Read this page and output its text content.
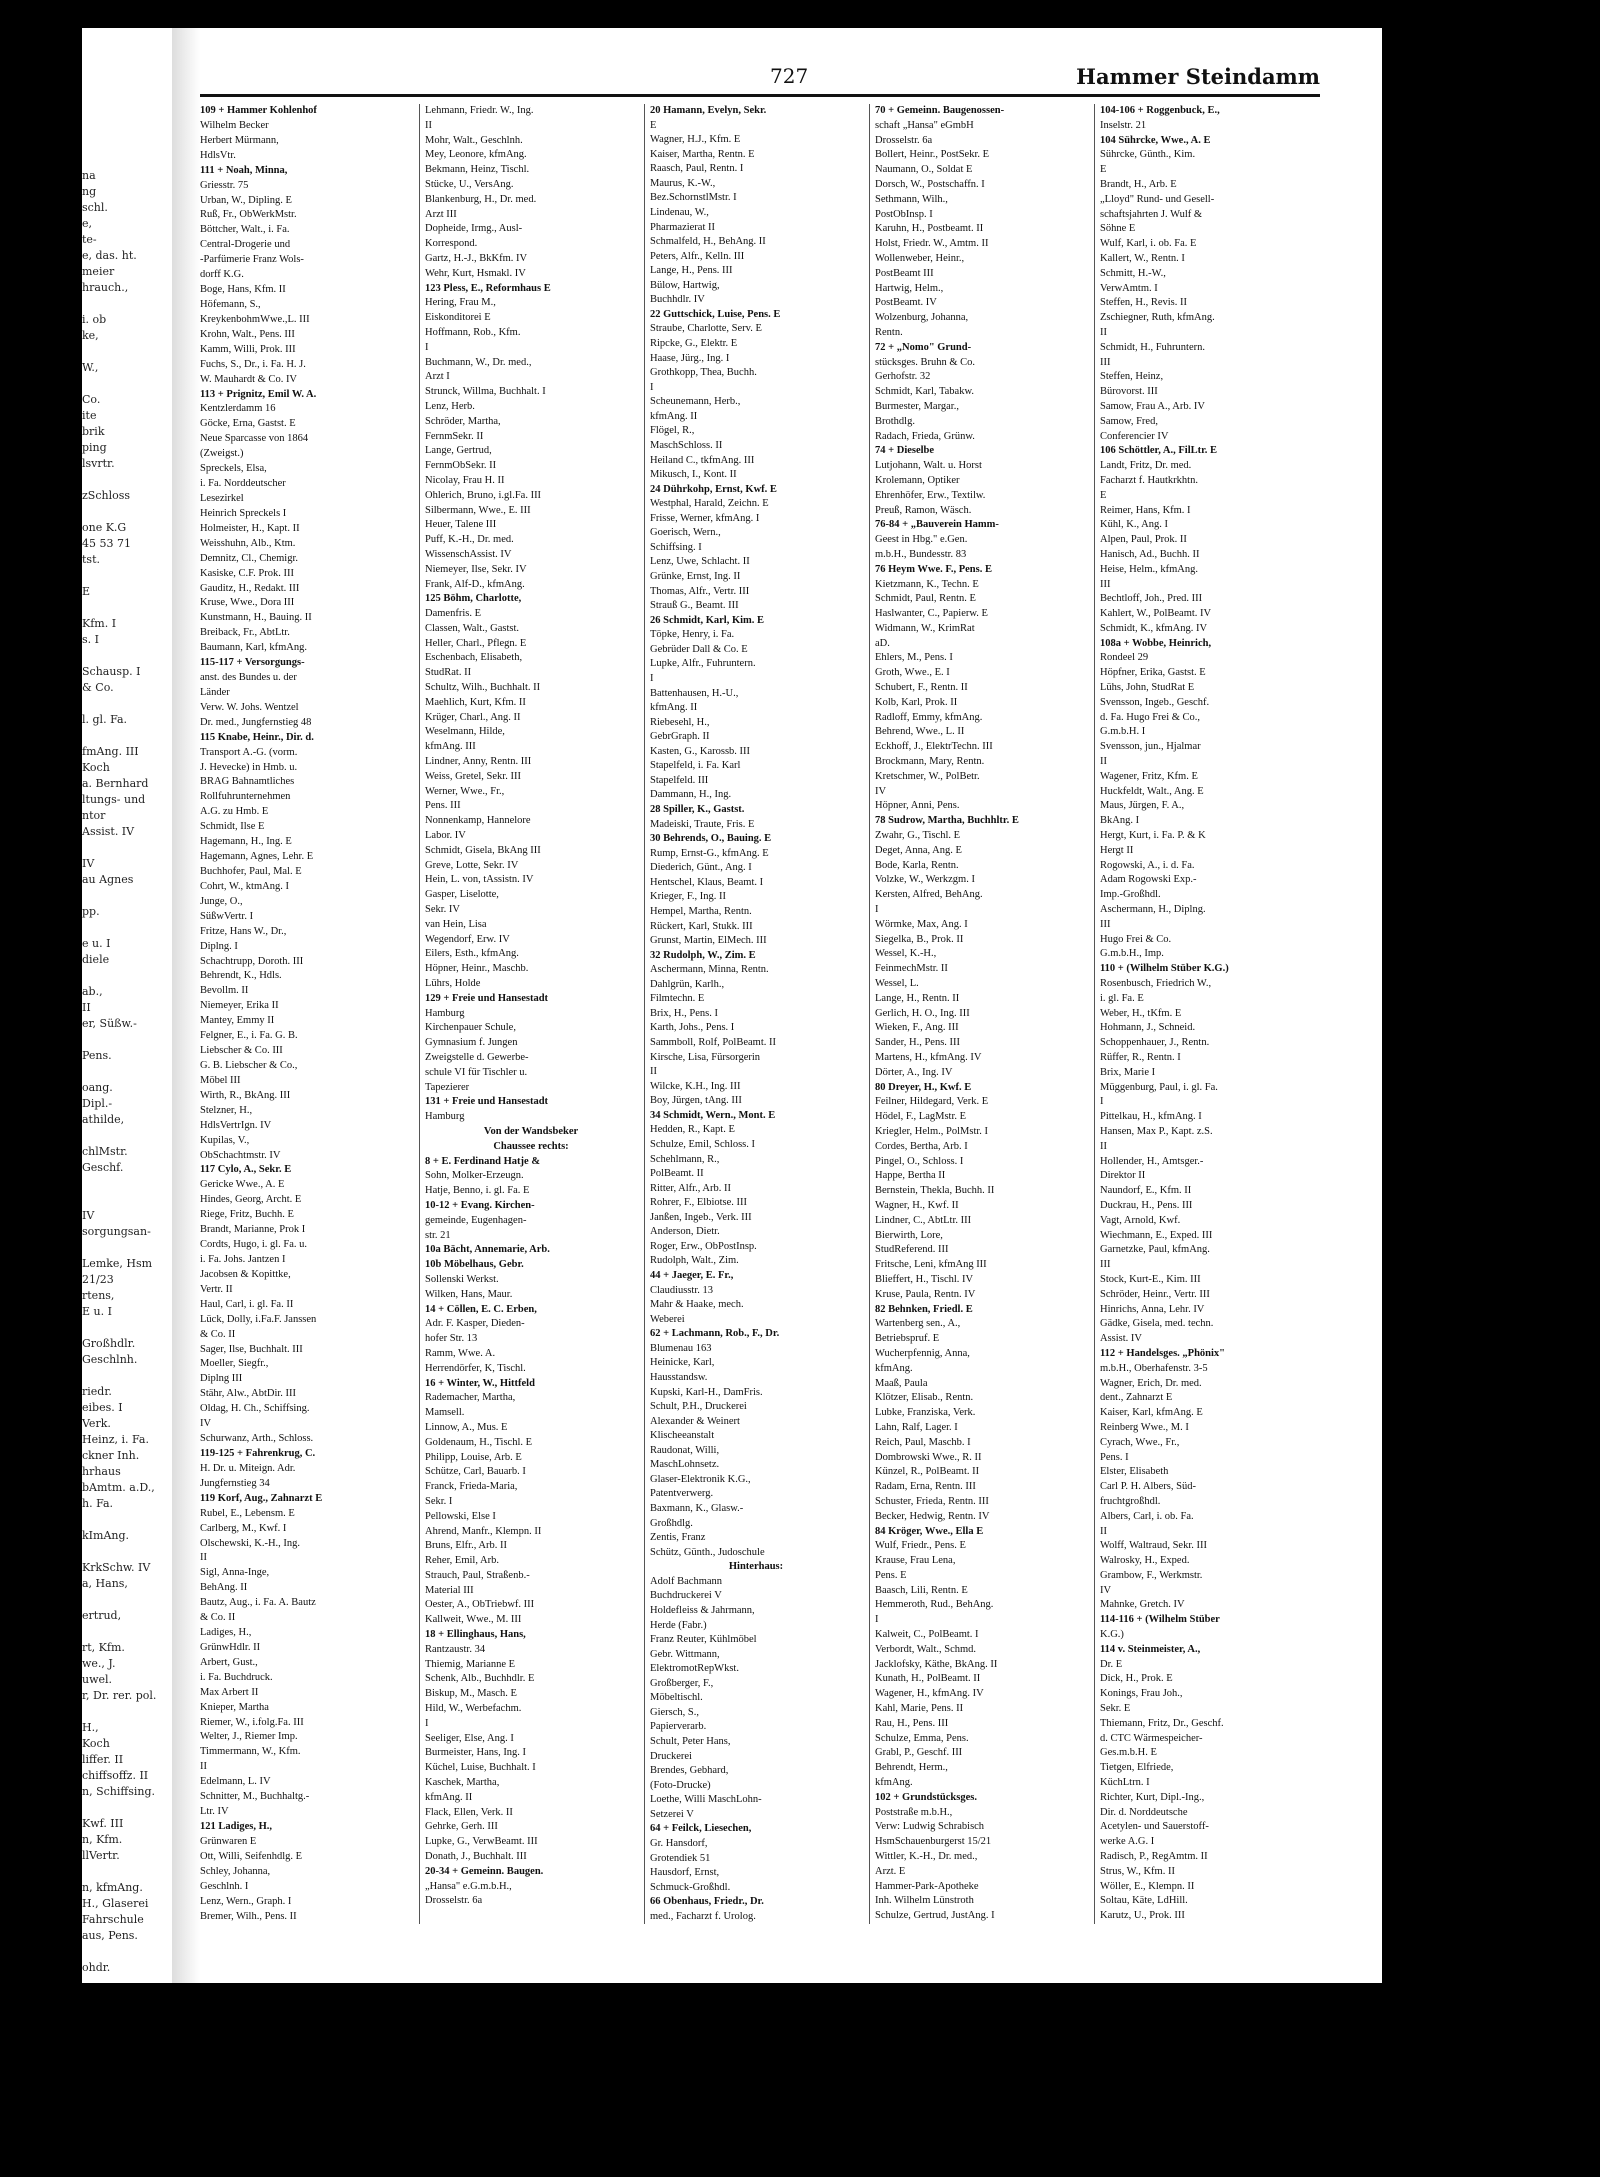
na
ng
schl.
e,
te-
e, das. ht.
meier
hrauch.,
i. ob
ke,
W.,
Co.
ite
brik
ping
lsvrtr.
zSchloss
one K.G
45 53 71
tst.
E
Kfm. I
s. I
Schausp. I
& Co.
l. gl. Fa.
fmAng. III
Koch
a. Bernhard
ltungs- und
ntor
Assist. IV
IV
au Agnes
pp.
e u. I
diele
ab.,
II
er, Süßw.-
Pens.
oang.
Dipl.-
athilde,
chlMstr.
Geschf.
IV
sorgungsan-
Lemke, Hsm
21/23
rtens,
E u. I
Großhdlr.
Geschlnh.
riedr.
eibes. I
Verk.
Heinz, i. Fa.
ckner Inh.
hrhaus
bAmtm. a.D.,
h. Fa.
kImAng.
KrkSchw. IV
a, Hans,
ertrud,
rt, Kfm.
we., J.
uwel.
r, Dr. rer. pol.
H.,
Koch
liffer. II
chiffsoffz. II
n, Schiffsing.
Kwf. III
n, Kfm.
llVertr.
n, kfmAng.
H., Glaserei
Fahrschule
aus, Pens.
ohdr.
727	Hammer Steindamm
109 + Hammer Kohlenhof
Wilhelm Becker
Herbert Mürmann,
HdlsVtr.
111 + Noah, Minna,
Griesstr. 75
Urban, W., Dipling. E
Ruß, Fr., ObWerkMstr.
Böttcher, Walt., i. Fa.
Central-Drogerie und
-Parfümerie Franz Wols-
dorff K.G.
Boge, Hans, Kfm. II
Höfemann, S.,
KreykenbohmWwe.,L. III
Krohn, Walt., Pens. III
Kamm, Willi, Prok. III
Fuchs, S., Dr., i. Fa. H. J.
W. Mauhardt & Co. IV
113 + Prignitz, Emil W. A.
Kentzlerdamm 16
Göcke, Erna, Gastst. E
Neue Sparcasse von 1864
(Zweigst.)
Spreckels, Elsa,
i. Fa. Norddeutscher
Lesezirkel
Heinrich Spreckels I
Holmeister, H., Kapt. II
Weisshuhn, Alb., Ktm.
Demnitz, Cl., Chemigr.
Kasiske, C.F. Prok. III
Gauditz, H., Redakt. III
Kruse, Wwe., Dora III
Kunstmann, H., Bauing. II
Breiback, Fr., AbtLtr.
Baumann, Karl, kfmAng.
115-117 + Versorgungs-
anst. des Bundes u. der
Länder
Verw. W. Johs. Wentzel
Dr. med., Jungfernstieg 48
115 Knabe, Heinr., Dir. d.
Transport A.-G. (vorm.
J. Hevecke) in Hmb. u.
BRAG Bahnamtliches
Rollfuhrunternehmen
A.G. zu Hmb. E
Schmidt, Ilse E
Hagemann, H., Ing. E
Hagemann, Agnes, Lehr. E
Buchhofer, Paul, Mal. E
Cohrt, W., ktmAng. I
Junge, O.,
SüßwVertr. I
Fritze, Hans W., Dr.,
Diplng. I
Schachtrupp, Doroth. III
Behrendt, K., Hdls.
Bevollm. II
Niemeyer, Erika II
Mantey, Emmy II
Felgner, E., i. Fa. G. B.
Liebscher & Co. III
G. B. Liebscher & Co.,
Möbel III
Wirth, R., BkAng. III
Stelzner, H.,
HdlsVertrIgn. IV
Kupilas, V.,
ObSchachtmstr. IV
117 Cylo, A., Sekr. E
Gericke Wwe., A. E
Hindes, Georg, Archt. E
Riege, Fritz, Buchh. E
Brandt, Marianne, Prok I
Cordts, Hugo, i. gl. Fa. u.
i. Fa. Johs. Jantzen I
Jacobsen & Kopittke,
Vertr. II
Haul, Carl, i. gl. Fa. II
Lück, Dolly, i.Fa.F. Janssen
& Co. II
Sager, Ilse, Buchhalt. III
Moeller, Siegfr.,
Diplng III
Stähr, Alw., AbtDir. III
Oldag, H. Ch., Schiffsing.
IV
Schurwanz, Arth., Schloss.
119-125 + Fahrenkrug, C.
H. Dr. u. Miteign. Adr.
Jungfernstieg 34
119 Korf, Aug., Zahnarzt E
Rubel, E., Lebensm. E
Carlberg, M., Kwf. I
Olschewski, K.-H., Ing.
II
Sigl, Anna-Inge,
BehAng. II
Bautz, Aug., i. Fa. A. Bautz
& Co. II
Ladiges, H.,
GrünwHdlr. II
Arbert, Gust.,
i. Fa. Buchdruck.
Max Arbert II
Knieper, Martha
Riemer, W., i.folg.Fa. III
Welter, J., Riemer Imp.
Timmermann, W., Kfm.
II
Edelmann, L. IV
Schnitter, M., Buchhaltg.-
Ltr. IV
121 Ladiges, H.,
Grünwaren E
Ott, Willi, Seifenhdlg. E
Schley, Johanna,
Geschlnh. I
Lenz, Wern., Graph. I
Bremer, Wilh., Pens. II
Lehmann, Friedr. W., Ing.
II
Mohr, Walt., Geschlnh.
Mey, Leonore, kfmAng.
Bekmann, Heinz, Tischl.
Stücke, U., VersAng.
Blankenburg, H., Dr. med.
Arzt III
Dopheide, Irmg., Ausl-
Korrespond.
Gartz, H.-J., BkKfm. IV
Wehr, Kurt, Hsmakl. IV
123 Pless, E., Reformhaus E
Hering, Frau M.,
Eiskonditorei E
Hoffmann, Rob., Kfm.
I
Buchmann, W., Dr. med.,
Arzt I
Strunck, Willma, Buchhalt. I
Lenz, Herb.
Schröder, Martha,
FernmSekr. II
Lange, Gertrud,
FernmObSekr. II
Nicolay, Frau H. II
Ohlerich, Bruno, i.gl.Fa. III
Silbermann, Wwe., E. III
Heuer, Talene III
Puff, K.-H., Dr. med.
WissenschAssist. IV
Niemeyer, Ilse, Sekr. IV
Frank, Alf-D., kfmAng.
125 Böhm, Charlotte,
Damenfris. E
Classen, Walt., Gastst.
Heller, Charl., Pflegn. E
Eschenbach, Elisabeth,
StudRat. II
Schultz, Wilh., Buchhalt. II
Maehlich, Kurt, Kfm. II
Krüger, Charl., Ang. II
Weselmann, Hilde,
kfmAng. III
Lindner, Anny, Rentn. III
Weiss, Gretel, Sekr. III
Werner, Wwe., Fr.,
Pens. III
Nonnenkamp, Hannelore
Labor. IV
Schmidt, Gisela, BkAng III
Greve, Lotte, Sekr. IV
Hein, L. von, tAssistn. IV
Gasper, Liselotte,
Sekr. IV
van Hein, Lisa
Wegendorf, Erw. IV
Eilers, Esth., kfmAng.
Höpner, Heinr., Maschb.
Lührs, Holde
129 + Freie und Hansestadt
Hamburg
Kirchenpauer Schule,
Gymnasium f. Jungen
Zweigstelle d. Gewerbe-
schule VI für Tischler u.
Tapezierer
131 + Freie und Hansestadt
Hamburg
Von der Wandsbeker
Chaussee rechts:
8 + E. Ferdinand Hatje &
Sohn, Molker-Erzeugn.
Hatje, Benno, i. gl. Fa. E
10-12 + Evang. Kirchen-
gemeinde, Eugenhagen-
str. 21
10a Bächt, Annemarie, Arb.
10b Möbelhaus, Gebr.
Sollenski Werkst.
Wilken, Hans, Maur.
14 + Cöllen, E. C. Erben,
Adr. F. Kasper, Dieden-
hofer Str. 13
Ramm, Wwe. A.
Herrendörfer, K, Tischl.
16 + Winter, W., Hittfeld
Rademacher, Martha,
Mamsell.
Linnow, A., Mus. E
Goldenaum, H., Tischl. E
Philipp, Louise, Arb. E
Schütze, Carl, Bauarb. I
Franck, Frieda-Maria,
Sekr. I
Pellowski, Else I
Ahrend, Manfr., Klempn. II
Bruns, Elfr., Arb. II
Reher, Emil, Arb.
Strauch, Paul, Straßenb.-
Material III
Oester, A., ObTriebwf. III
Kallweit, Wwe., M. III
18 + Ellinghaus, Hans,
Rantzaustr. 34
Thiemig, Marianne E
Schenk, Alb., Buchhdlr. E
Biskup, M., Masch. E
Hild, W., Werbefachm.
I
Seeliger, Else, Ang. I
Burmeister, Hans, Ing. I
Küchel, Luise, Buchhalt. I
Kaschek, Martha,
kfmAng. II
Flack, Ellen, Verk. II
Gehrke, Gerh. III
Lupke, G., VerwBeamt. III
Donath, J., Buchhalt. III
20-34 + Gemeinn. Baugen.
„Hansa" e.G.m.b.H.,
Drosselstr. 6a
20 Hamann, Evelyn, Sekr.
E
Wagner, H.J., Kfm. E
Kaiser, Martha, Rentn. E
Raasch, Paul, Rentn. I
Maurus, K.-W.,
Bez.SchornstlMstr. I
Lindenau, W.,
Pharmazierat II
Schmalfeld, H., BehAng. II
Peters, Alfr., Kelln. III
Lange, H., Pens. III
Bülow, Hartwig,
Buchhdlr. IV
22 Guttschick, Luise, Pens. E
Straube, Charlotte, Serv. E
Ripcke, G., Elektr. E
Haase, Jürg., Ing. I
Grothkopp, Thea, Buchh.
I
Scheunemann, Herb.,
kfmAng. II
Flögel, R.,
MaschSchloss. II
Heiland C., tkfmAng. III
Mikusch, I., Kont. II
24 Dührkohp, Ernst, Kwf. E
Westphal, Harald, Zeichn. E
Frisse, Werner, kfmAng. I
Goerisch, Wern.,
Schiffsing. I
Lenz, Uwe, Schlacht. II
Grünke, Ernst, Ing. II
Thomas, Alfr., Vertr. III
Strauß G., Beamt. III
26 Schmidt, Karl, Kim. E
Töpke, Henry, i. Fa.
Gebrüder Dall & Co. E
Lupke, Alfr., Fuhruntern.
I
Battenhausen, H.-U.,
kfmAng. II
Riebesehl, H.,
GebrGraph. II
Kasten, G., Karossb. III
Stapelfeld, i. Fa. Karl
Stapelfeld. III
Dammann, H., Ing.
28 Spiller, K., Gastst.
Madeiski, Traute, Fris. E
30 Behrends, O., Bauing. E
Rump, Ernst-G., kfmAng. E
Diederich, Günt., Ang. I
Hentschel, Klaus, Beamt. I
Krieger, F., Ing. II
Hempel, Martha, Rentn.
Rückert, Karl, Stukk. III
Grunst, Martin, ElMech. III
32 Rudolph, W., Zim. E
Aschermann, Minna, Rentn.
Dahlgrün, Karlh.,
Filmtechn. E
Brix, H., Pens. I
Karth, Johs., Pens. I
Sammboll, Rolf, PolBeamt. II
Kirsche, Lisa, Fürsorgerin
II
Wilcke, K.H., Ing. III
Boy, Jürgen, tAng. III
34 Schmidt, Wern., Mont. E
Hedden, R., Kapt. E
Schulze, Emil, Schloss. I
Schehlmann, R.,
PolBeamt. II
Ritter, Alfr., Arb. II
Rohrer, F., Elbiotse. III
Janßen, Ingeb., Verk. III
Anderson, Dietr.
Roger, Erw., ObPostInsp.
Rudolph, Walt., Zim.
44 + Jaeger, E. Fr.,
Claudiusstr. 13
Mahr & Haake, mech.
Weberei
62 + Lachmann, Rob., F., Dr.
Blumenau 163
Heinicke, Karl,
Hausstandsw.
Kupski, Karl-H., DamFris.
Schult, P.H., Druckerei
Alexander & Weinert
Klischeeanstalt
Raudonat, Willi,
MaschLohnsetz.
Glaser-Elektronik K.G.,
Patentverwerg.
Baxmann, K., Glasw.-
Großhdlg.
Zentis, Franz
Schütz, Günth., Judoschule
Hinterhaus:
Adolf Bachmann
Buchdruckerei V
Holdefleiss & Jahrmann,
Herde (Fabr.)
Franz Reuter, Kühlmöbel
Gebr. Wittmann,
ElektromotRepWkst.
Großberger, F.,
Möbeltischl.
Giersch, S.,
Papierverarb.
Schult, Peter Hans,
Druckerei
Brendes, Gebhard,
(Foto-Drucke)
Loethe, Willi MaschLohn-
Setzerei V
64 + Feilck, Liesechen,
Gr. Hansdorf,
Grotendiek 51
Hausdorf, Ernst,
Schmuck-Großhdl.
66 Obenhaus, Friedr., Dr.
med., Facharzt f. Urolog.
70 + Gemeinn. Baugenossen-
schaft „Hansa" eGmbH
Drosselstr. 6a
Bollert, Heinr., PostSekr. E
Naumann, O., Soldat E
Dorsch, W., Postschaffn. I
Sethmann, Wilh.,
PostObInsp. I
Karuhn, H., Postbeamt. II
Holst, Friedr. W., Amtm. II
Wollenweber, Heinr.,
PostBeamt III
Hartwig, Helm.,
PostBeamt. IV
Wolzenburg, Johanna,
Rentn.
72 + „Nomo" Grund-
stücksges. Bruhn & Co.
Gerhofstr. 32
Schmidt, Karl, Tabakw.
Burmester, Margar.,
Brothdlg.
Radach, Frieda, Grünw.
74 + Dieselbe
Lutjohann, Walt. u. Horst
Krolemann, Optiker
Ehrenhöfer, Erw., Textilw.
Preuß, Ramon, Wäsch.
76-84 + „Bauverein Hamm-
Geest in Hbg." e.Gen.
m.b.H., Bundesstr. 83
76 Heym Wwe. F., Pens. E
Kietzmann, K., Techn. E
Schmidt, Paul, Rentn. E
Haslwanter, C., Papierw. E
Widmann, W., KrimRat
aD.
Ehlers, M., Pens. I
Groth, Wwe., E. I
Schubert, F., Rentn. II
Kolb, Karl, Prok. II
Radloff, Emmy, kfmAng.
Behrend, Wwe., L. II
Eckhoff, J., ElektrTechn. III
Brockmann, Mary, Rentn.
Kretschmer, W., PolBetr.
IV
Höpner, Anni, Pens.
78 Sudrow, Martha, Buchhltr. E
Zwahr, G., Tischl. E
Deget, Anna, Ang. E
Bode, Karla, Rentn.
Volzke, W., Werkzgm. I
Kersten, Alfred, BehAng.
I
Wörmke, Max, Ang. I
Siegelka, B., Prok. II
Wessel, K.-H.,
FeinmechMstr. II
Wessel, L.
Lange, H., Rentn. II
Gerlich, H. O., Ing. III
Wieken, F., Ang. III
Sander, H., Pens. III
Martens, H., kfmAng. IV
Dörter, A., Ing. IV
80 Dreyer, H., Kwf. E
Feilner, Hildegard, Verk. E
Hödel, F., LagMstr. E
Kriegler, Helm., PolMstr. I
Cordes, Bertha, Arb. I
Pingel, O., Schloss. I
Happe, Bertha II
Bernstein, Thekla, Buchh. II
Wagner, H., Kwf. II
Lindner, C., AbtLtr. III
Bierwirth, Lore,
StudReferend. III
Fritsche, Leni, kfmAng III
Blieffert, H., Tischl. IV
Kruse, Paula, Rentn. IV
82 Behnken, Friedl. E
Wartenberg sen., A.,
Betriebspruf. E
Wucherpfennig, Anna,
kfmAng.
Maaß, Paula
Klötzer, Elisab., Rentn.
Lubke, Franziska, Verk.
Lahn, Ralf, Lager. I
Reich, Paul, Maschb. I
Dombrowski Wwe., R. II
Künzel, R., PolBeamt. II
Radam, Erna, Rentn. III
Schuster, Frieda, Rentn. III
Becker, Hedwig, Rentn. IV
84 Kröger, Wwe., Ella E
Wulf, Friedr., Pens. E
Krause, Frau Lena,
Pens. E
Baasch, Lili, Rentn. E
Hemmeroth, Rud., BehAng.
I
Kalweit, C., PolBeamt. I
Verbordt, Walt., Schmd.
Jacklofsky, Käthe, BkAng. II
Kunath, H., PolBeamt. II
Wagener, H., kfmAng. IV
Kahl, Marie, Pens. II
Rau, H., Pens. III
Schulze, Emma, Pens.
Grabl, P., Geschf. III
Behrendt, Herm.,
kfmAng.
102 + Grundstücksges.
Poststraße m.b.H.,
Verw: Ludwig Schrabisch
HsmSchauenburgerst 15/21
Wittler, K.-H., Dr. med.,
Arzt. E
Hammer-Park-Apotheke
Inh. Wilhelm Lünstroth
Schulze, Gertrud, JustAng. I
104-106 + Roggenbuck, E.,
Inselstr. 21
104 Sührcke, Wwe., A. E
Sührcke, Günth., Kim.
E
Brandt, H., Arb. E
„Lloyd" Rund- und Gesell-
schaftsjahrten J. Wulf &
Söhne E
Wulf, Karl, i. ob. Fa. E
Kallert, W., Rentn. I
Schmitt, H.-W.,
VerwAmtm. I
Steffen, H., Revis. II
Zschiegner, Ruth, kfmAng.
II
Schmidt, H., Fuhruntern.
III
Steffen, Heinz,
Bürovorst. III
Samow, Frau A., Arb. IV
Samow, Fred,
Conferencier IV
106 Schöttler, A., FilLtr. E
Landt, Fritz, Dr. med.
Facharzt f. Hautkrkhtn.
E
Reimer, Hans, Kfm. I
Kühl, K., Ang. I
Alpen, Paul, Prok. II
Hanisch, Ad., Buchh. II
Heise, Helm., kfmAng.
III
Bechtloff, Joh., Pred. III
Kahlert, W., PolBeamt. IV
Schmidt, K., kfmAng. IV
108a + Wobbe, Heinrich,
Rondeel 29
Höpfner, Erika, Gastst. E
Lühs, John, StudRat E
Svensson, Ingeb., Geschf.
d. Fa. Hugo Frei & Co.,
G.m.b.H. I
Svensson, jun., Hjalmar
II
Wagener, Fritz, Kfm. E
Huckfeldt, Walt., Ang. E
Maus, Jürgen, F. A.,
BkAng. I
Hergt, Kurt, i. Fa. P. & K
Hergt II
Rogowski, A., i. d. Fa.
Adam Rogowski Exp.-
Imp.-Großhdl.
Aschermann, H., Diplng.
III
Hugo Frei & Co.
G.m.b.H., Imp.
110 + (Wilhelm Stüber K.G.)
Rosenbusch, Friedrich W.,
i. gl. Fa. E
Weber, H., tKfm. E
Hohmann, J., Schneid.
Schoppenhauer, J., Rentn.
Rüffer, R., Rentn. I
Brix, Marie I
Müggenburg, Paul, i. gl. Fa.
I
Pittelkau, H., kfmAng. I
Hansen, Max P., Kapt. z.S.
II
Hollender, H., Amtsger.-
Direktor II
Naundorf, E., Kfm. II
Duckrau, H., Pens. III
Vagt, Arnold, Kwf.
Wiechmann, E., Exped. III
Garnetzke, Paul, kfmAng.
III
Stock, Kurt-E., Kim. III
Schröder, Heinr., Vertr. III
Hinrichs, Anna, Lehr. IV
Gädke, Gisela, med. techn.
Assist. IV
112 + Handelsges. „Phönix"
m.b.H., Oberhafenstr. 3-5
Wagner, Erich, Dr. med.
dent., Zahnarzt E
Kaiser, Karl, kfmAng. E
Reinberg Wwe., M. I
Cyrach, Wwe., Fr.,
Pens. I
Elster, Elisabeth
Carl P. H. Albers, Süd-
fruchtgroßhdl.
Albers, Carl, i. ob. Fa.
II
Wolff, Waltraud, Sekr. III
Walrosky, H., Exped.
Grambow, F., Werkmstr.
IV
Mahnke, Gretch. IV
114-116 + (Wilhelm Stüber
K.G.)
114 v. Steinmeister, A.,
Dr. E
Dick, H., Prok. E
Konings, Frau Joh.,
Sekr. E
Thiemann, Fritz, Dr., Geschf.
d. CTC Wärmespeicher-
Ges.m.b.H. E
Tietgen, Elfriede,
KüchLtrn. I
Richter, Kurt, Dipl.-Ing.,
Dir. d. Norddeutsche
Acetylen- und Sauerstoff-
werke A.G. I
Radisch, P., RegAmtm. II
Strus, W., Kfm. II
Wöller, E., Klempn. II
Soltau, Käte, LdHill.
Karutz, U., Prok. III
